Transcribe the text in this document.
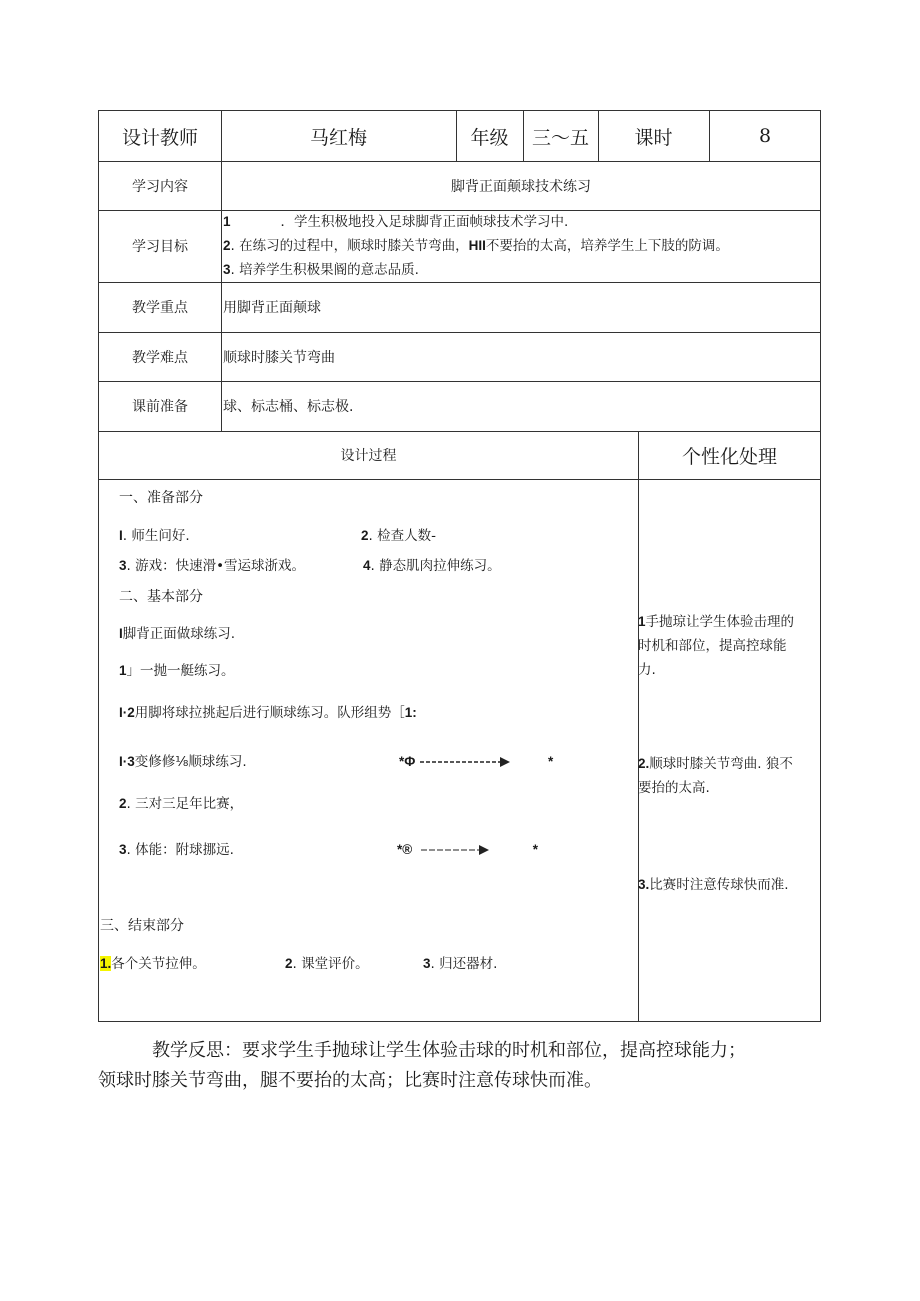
设计教师	马红梅	年级	三～五	课时	8
学习内容	脚背正面颠球技术练习
学习目标
1	．学生积极地投入足球脚背正面帧球技术学习中.
2. 在练习的过程中，顺球时膝关节弯曲，HII不要抬的太高，培养学生上下肢的防调。
3. 培养学生积极果阍的意志品质.
教学重点	用脚背正面颠球
教学难点	顺球时膝关节弯曲
课前准备	球、标志桶、标志极.
设计过程	个性化处理
一、准备部分
I. 师生问好.	2. 检查人数-
3. 游戏：快速滑•雪运球浙戏。	4. 静态肌肉拉伸练习。
二、基本部分
I脚背正面做球练习.
1」一抛一艇练习。
I·2用脚将球拉挑起后进行顺球练习。队形组势［1:
I·3变修修⅛顺球练习.	*Φ	*
2. 三对三足年比赛，
3. 体能：附球挪远.	*®	*
三、结束部分
1.各个关节拉伸。	2. 课堂评价。	3. 归还器材.
1手抛琼让学生体验击理的
时机和部位，提高控球能
力.
2.顺球时膝关节弯曲. 狼不
要抬的太高.
3.比赛时注意传球快而准.
教学反思：要求学生手抛球让学生体验击球的时机和部位，提高控球能力；
领球时膝关节弯曲，腿不要抬的太高；比赛时注意传球快而准。
